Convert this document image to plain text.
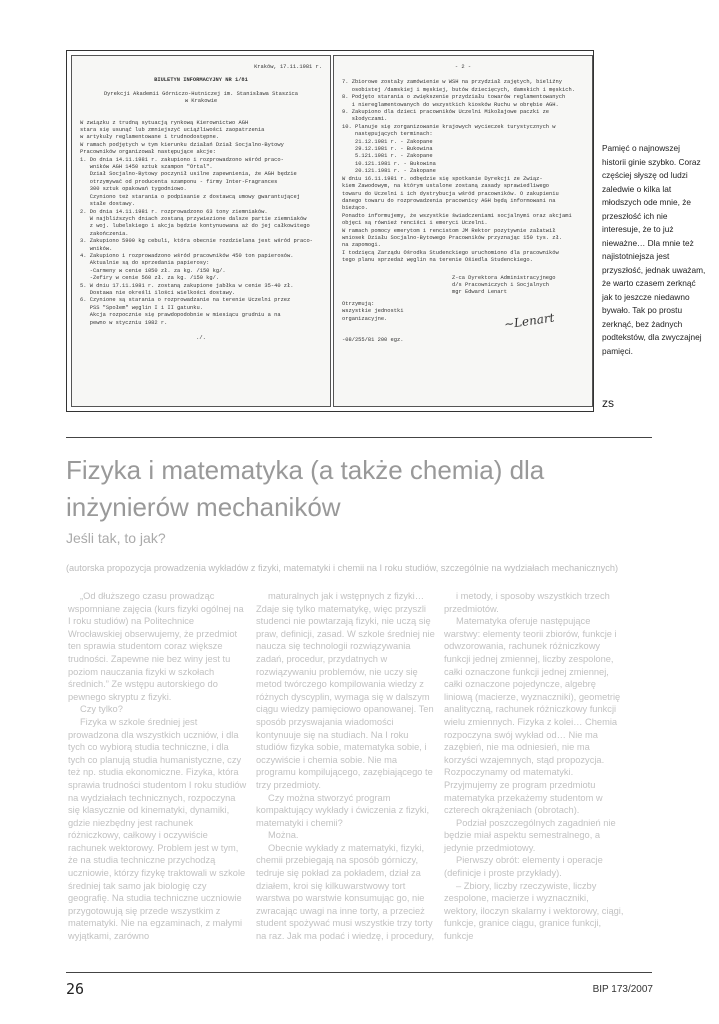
Kraków, 17.11.1981 r.

BIULETYN INFORMACYJNY NR 1/81

Dyrekcji Akademii Górniczo-Hutniczej im. Stanisława Staszica

w Krakowie

W związku z trudną sytuacją rynkową Kierownictwo AGH

stara się usunąć lub zmniejszyć uciążliwości zaopatrzenia

w artykuły reglamentowane i trudnodostępne.

W ramach podjętych w tym kierunku działań Dział Socjalno-Bytowy

Pracowników organizował następujące akcje:

1. Do dnia 14.11.1981 r. zakupiono i rozprowadzono wśród praco-

wników AGH 1450 sztuk szampon "Ortal".

Dział Socjalno-Bytowy poczynił usilne zapewnienia, że AGH będzie

otrzymywać od producenta szamponu - firmy Inter-Fragrances

300 sztuk opakowań tygodniowo.

Czyniono też starania o podpisanie z dostawcą umowy gwarantującej

stałe dostawy.

2. Do dnia 14.11.1981 r. rozprowadzono 63 tony ziemniaków.

W najbliższych dniach zostaną przywiezione dalsze partie ziemniaków

z woj. lubelskiego i akcja będzie kontynuowana aż do jej całkowitego

zakończenia.

3. Zakupiono 5900 kg cebuli, która obecnie rozdzielana jest wśród praco-

wników.

4. Zakupiono i rozprowadzono wśród pracowników 450 ton papierosów.

Aktualnie są do sprzedania papierosy:

-Carmeny w cenie 1050 zł. za kg. /150 kg/.

-Zefiry w cenie 560 zł. za kg. /150 kg/.

5. W dniu 17.11.1981 r. zostaną zakupione jabłka w cenie 35-40 zł.

Dostawa nie określi ilości wielkości dostawy.

6. Czynione są starania o rozprowadzanie na terenie Uczelni przez

PSS "Społem" węglin I i II gatunku.

Akcja rozpocznie się prawdopodobnie w miesiącu grudniu a na

pewno w styczniu 1982 r.

./.

- 2 -

7. Zbiorowe zostały zamówienie w WSH na przydział zajętych, bieliźny

osobistej /damskiej i męskiej, butów dziecięcych, damskich i męskich.

8. Podjęto starania o zwiększenie przydziału towarów reglamentowanych

i niereglamentowanych do wszystkich kiosków Ruchu w obrębie AGH.

9. Zakupiono dla dzieci pracowników Uczelni Mikołajowe paczki ze

słodyczami.

10. Planuje się zorganizowanie krajowych wycieczek turystycznych w

następujących terminach:

21.12.1981 r. - Zakopane

29.12.1981 r. - Bukowina

5.121.1981 r. - Zakopane

10.121.1981 r. - Bukowina

20.121.1981 r. - Zakopane

W dniu 16.11.1981 r. odbędzie się spotkanie Dyrekcji ze Związ-

kiem Zawodowym, na którym ustalone zostaną zasady sprawiedliwego

towaru do Uczelni i ich dystrybucja wśród pracowników. O zakupieniu

danego towaru do rozprowadzenia pracownicy AGH będą informowani na

bieżąco.

Ponadto informujemy, że wszystkie świadczeniami socjalnymi oraz akcjami

objęci są również renciści i emeryci Uczelni.

W ramach pomocy emerytom i rencistom JM Rektor pozytywnie załatwił

wniosek Działu Socjalno-Bytowego Pracowników przyznając 150 tys. zł.

na zapomogi.

I todzięcą Zarządu Ośrodka Studenckiego uruchomiono dla pracowników

tego planu sprzedaż węglin na terenie Ośiedla Studenckiego.

Z-ca Dyrektora Administracyjnego

d/s Pracowniczych i Socjalnych

mgr Edward Lenart

~Lenart

Otrzymują:

wszystkie jednostki

organizacyjne.

-08/255/81 200 egz.

Pamięć o najnowszej historii ginie szybko. Coraz częściej słyszę od ludzi zaledwie o kilka lat młodszych ode mnie, że przeszłość ich nie interesuje, że to już nieważne… Dla mnie też najistotniejsza jest przyszłość, jednak uważam, że warto czasem zerknąć jak to jeszcze niedawno bywało. Tak po prostu zerknąć, bez żadnych podtekstów, dla zwyczajnej pamięci.
zs
Fizyka i matematyka (a także chemia) dla inżynierów mechaników
Jeśli tak, to jak?
(autorska propozycja prowadzenia wykładów z fizyki, matematyki i chemii na I roku studiów, szczególnie na wydziałach mechanicznych)

„Od dłuższego czasu prowadząc wspomniane zajęcia (kurs fizyki ogólnej na I roku studiów) na Politechnice Wrocławskiej obserwujemy, że przedmiot ten sprawia studentom coraz większe trudności. Zapewne nie bez winy jest tu poziom nauczania fizyki w szkołach średnich.” Ze wstępu autorskiego do pewnego skryptu z fizyki.

Czy tylko?

Fizyka w szkole średniej jest prowadzona dla wszystkich uczniów, i dla tych co wybiorą studia techniczne, i dla tych co planują studia humanistyczne, czy też np. studia ekonomiczne. Fizyka, która sprawia trudności studentom I roku studiów na wydziałach technicznych, rozpoczyna się klasycznie od kinematyki, dynamiki, gdzie niezbędny jest rachunek różniczkowy, całkowy i oczywiście rachunek wektorowy. Problem jest w tym, że na studia techniczne przychodzą uczniowie, którzy fizykę traktowali w szkole średniej tak samo jak biologię czy geografię. Na studia techniczne uczniowie przygotowują się przede wszystkim z matematyki. Nie na egzaminach, z małymi wyjątkami, zarówno

maturalnych jak i wstępnych z fizyki… Zdaje się tylko matematykę, więc przyszli studenci nie powtarzają fizyki, nie uczą się praw, definicji, zasad. W szkole średniej nie naucza się technologii rozwiązywania zadań, procedur, przydatnych w rozwiązywaniu problemów, nie uczy się metod twórczego kompilowania wiedzy z różnych dyscyplin, wymaga się w dalszym ciągu wiedzy pamięciowo opanowanej. Ten sposób przyswajania wiadomości kontynuuje się na studiach. Na I roku studiów fizyka sobie, matematyka sobie, i oczywiście i chemia sobie. Nie ma programu kompilującego, zazębiającego te trzy przedmioty.

Czy można stworzyć program kompaktujący wykłady i ćwiczenia z fizyki, matematyki i chemii?

Można.

Obecnie wykłady z matematyki, fizyki, chemii przebiegają na sposób górniczy, tedruje się pokład za pokładem, dział za działem, kroi się kilkuwarstwowy tort warstwa po warstwie konsumując go, nie zwracając uwagi na inne torty, a przecież student spożywać musi wszystkie trzy torty na raz. Jak ma podać i wiedzę, i procedury,

i metody, i sposoby wszystkich trzech przedmiotów.

Matematyka oferuje następujące warstwy: elementy teorii zbiorów, funkcje i odwzorowania, rachunek różniczkowy funkcji jednej zmiennej, liczby zespolone, całki oznaczone funkcji jednej zmiennej, całki oznaczone pojedyncze, algebrę liniową (macierze, wyznaczniki), geometrię analityczną, rachunek różniczkowy funkcji wielu zmiennych. Fizyka z kolei… Chemia rozpoczyna swój wykład od… Nie ma zazębień, nie ma odniesień, nie ma korzyści wzajemnych, stąd propozycja. Rozpoczynamy od matematyki. Przyjmujemy ze program przedmiotu matematyka przekażemy studentom w czterech okrążeniach (obrotach).

Podział poszczególnych zagadnień nie będzie miał aspektu semestralnego, a jedynie przedmiotowy.

Pierwszy obrót: elementy i operacje (definicje i proste przykłady).

– Zbiory, liczby rzeczywiste, liczby zespolone, macierze i wyznaczniki, wektory, iloczyn skalarny i wektorowy, ciągi, funkcje, granice ciągu, granice funkcji, funkcje

26	BIP 173/2007
